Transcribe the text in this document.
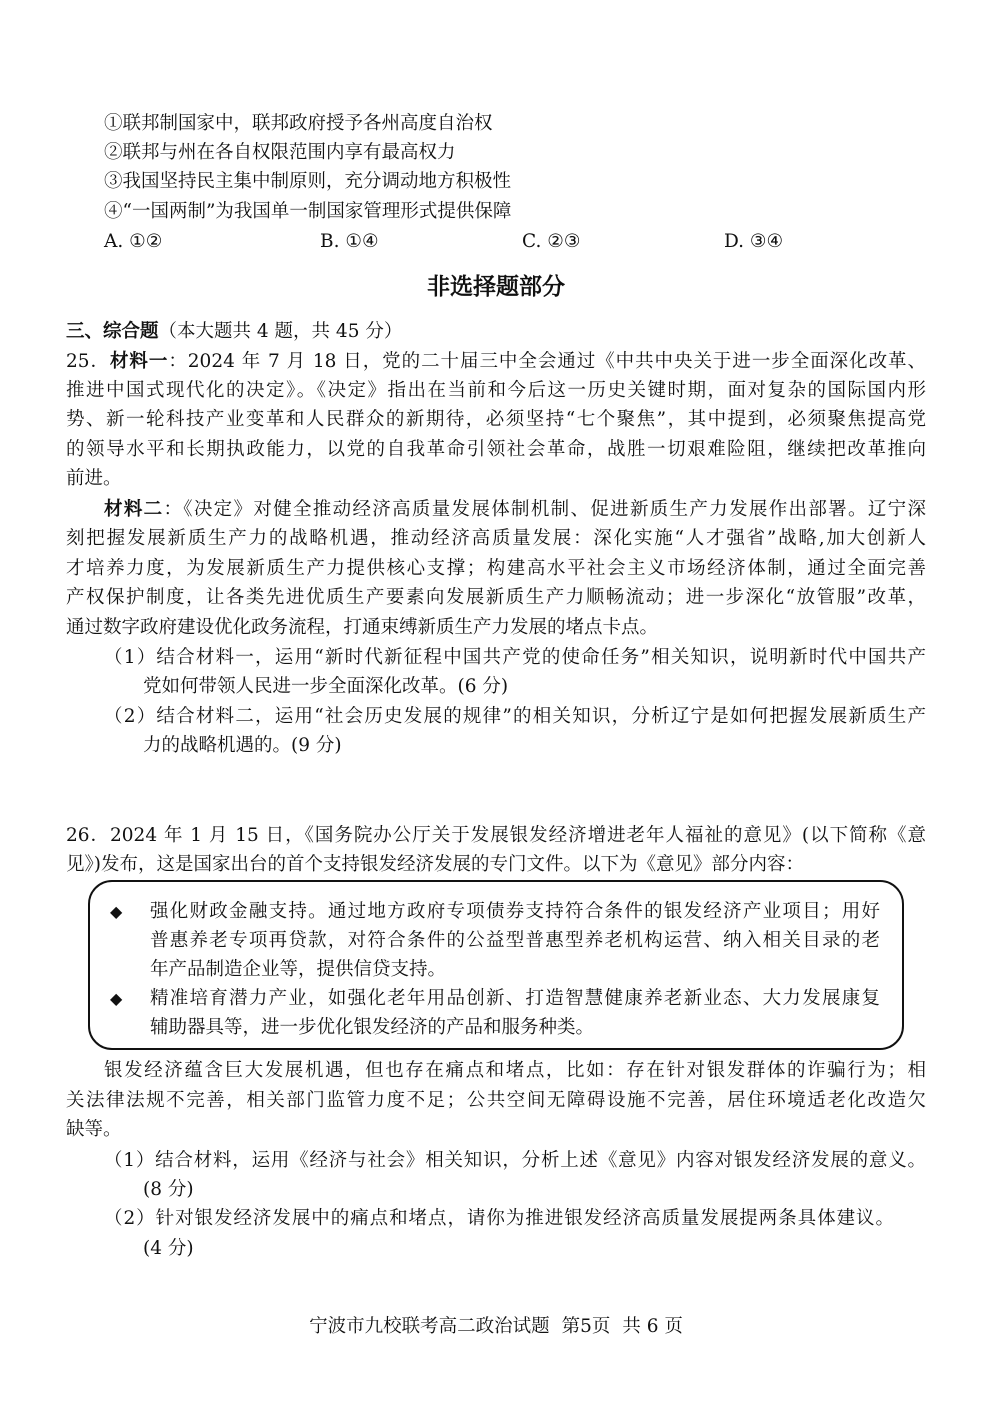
①联邦制国家中，联邦政府授予各州高度自治权
②联邦与州在各自权限范围内享有最高权力
③我国坚持民主集中制原则，充分调动地方积极性
④“一国两制”为我国单一制国家管理形式提供保障
A. ①②	B. ①④	C. ②③	D. ③④
非选择题部分
三、综合题（本大题共 4 题，共 45 分）
25．材料一：2024 年 7 月 18 日，党的二十届三中全会通过《中共中央关于进一步全面深化改革、
推进中国式现代化的决定》。《决定》指出在当前和今后这一历史关键时期，面对复杂的国际国内形
势、新一轮科技产业变革和人民群众的新期待，必须坚持“七个聚焦”，其中提到，必须聚焦提高党
的领导水平和长期执政能力，以党的自我革命引领社会革命，战胜一切艰难险阻，继续把改革推向
前进。
材料二：《决定》对健全推动经济高质量发展体制机制、促进新质生产力发展作出部署。辽宁深
刻把握发展新质生产力的战略机遇，推动经济高质量发展：深化实施“人才强省”战略,加大创新人
才培养力度，为发展新质生产力提供核心支撑；构建高水平社会主义市场经济体制，通过全面完善
产权保护制度，让各类先进优质生产要素向发展新质生产力顺畅流动；进一步深化“放管服”改革，
通过数字政府建设优化政务流程，打通束缚新质生产力发展的堵点卡点。
（1）结合材料一，运用“新时代新征程中国共产党的使命任务”相关知识，说明新时代中国共产
党如何带领人民进一步全面深化改革。(6 分)
（2）结合材料二，运用“社会历史发展的规律”的相关知识，分析辽宁是如何把握发展新质生产
力的战略机遇的。(9 分)
26．2024 年 1 月 15 日，《国务院办公厅关于发展银发经济增进老年人福祉的意见》(以下简称《意
见》)发布，这是国家出台的首个支持银发经济发展的专门文件。以下为《意见》部分内容：
◆ 强化财政金融支持。通过地方政府专项债券支持符合条件的银发经济产业项目；用好
普惠养老专项再贷款，对符合条件的公益型普惠型养老机构运营、纳入相关目录的老
年产品制造企业等，提供信贷支持。
◆ 精准培育潜力产业，如强化老年用品创新、打造智慧健康养老新业态、大力发展康复
辅助器具等，进一步优化银发经济的产品和服务种类。
银发经济蕴含巨大发展机遇，但也存在痛点和堵点，比如：存在针对银发群体的诈骗行为；相
关法律法规不完善，相关部门监管力度不足；公共空间无障碍设施不完善，居住环境适老化改造欠
缺等。
（1）结合材料，运用《经济与社会》相关知识，分析上述《意见》内容对银发经济发展的意义。
(8 分)
（2）针对银发经济发展中的痛点和堵点，请你为推进银发经济高质量发展提两条具体建议。
(4 分)
宁波市九校联考高二政治试题 第5页 共 6 页
